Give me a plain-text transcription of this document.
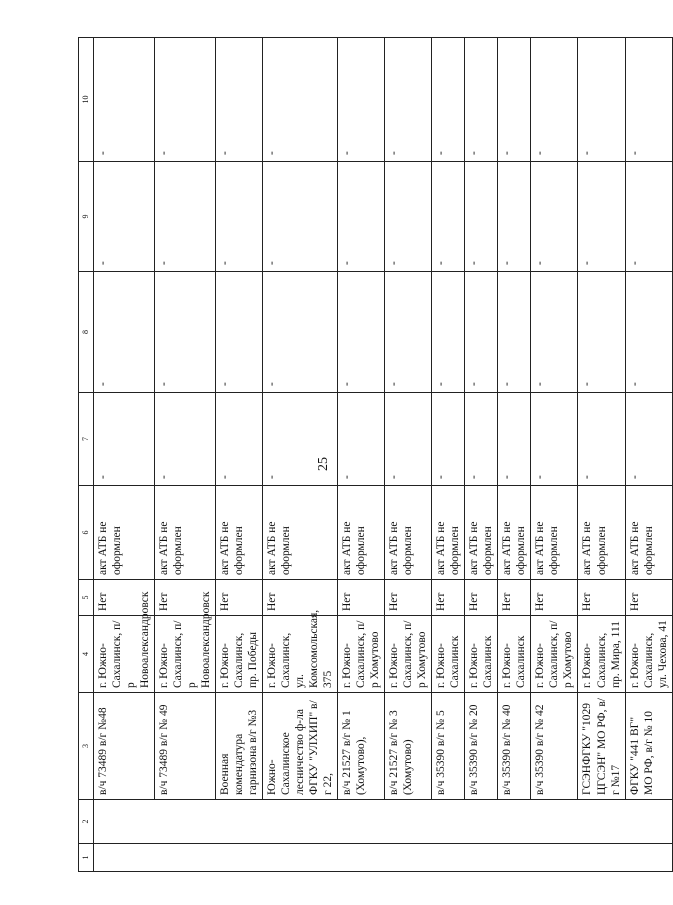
25
1	2	3	4	5	6	7	8	9	10
		в/ч 73489 в/г №48	г. Южно-Сахалинск, п/р Новоалександровск	Нет	акт АТБ не оформлен	-	-	-	-
		в/ч 73489 в/г № 49	г. Южно-Сахалинск, п/р Новоалександровск	Нет	акт АТБ не оформлен	-	-	-	-
		Военная комендатура гарнизона в/г №3	г. Южно-Сахалинск, пр. Победы	Нет	акт АТБ не оформлен	-	-	-	-
		Южно-Сахалинское лесничество ф-ла ФГКУ "УЛХИП" в/г 22,	г. Южно-Сахалинск, ул. Комсомольская, 375	Нет	акт АТБ не оформлен	-	-	-	-
		в/ч 21527 в/г № 1 (Хомутово),	г. Южно-Сахалинск, п/р Хомутово	Нет	акт АТБ не оформлен	-	-	-	-
		в/ч 21527 в/г № 3 (Хомутово)	г. Южно-Сахалинск, п/р Хомутово	Нет	акт АТБ не оформлен	-	-	-	-
		в/ч 35390 в/г № 5	г. Южно-Сахалинск	Нет	акт АТБ не оформлен	-	-	-	-
		в/ч 35390 в/г № 20	г. Южно-Сахалинск	Нет	акт АТБ не оформлен	-	-	-	-
		в/ч 35390 в/г № 40	г. Южно-Сахалинск	Нет	акт АТБ не оформлен	-	-	-	-
		в/ч 35390 в/г № 42	г. Южно-Сахалинск, п/р Хомутово	Нет	акт АТБ не оформлен	-	-	-	-
		ГСЭНФГКУ "1029 ЦГСЭН" МО РФ, в/г №17	г. Южно-Сахалинск, пр. Мира, 111	Нет	акт АТБ не оформлен	-	-	-	-
		ФГКУ "441 ВГ" МО РФ, в/г № 10	г. Южно-Сахалинск, ул. Чехова, 41	Нет	акт АТБ не оформлен	-	-	-	-
